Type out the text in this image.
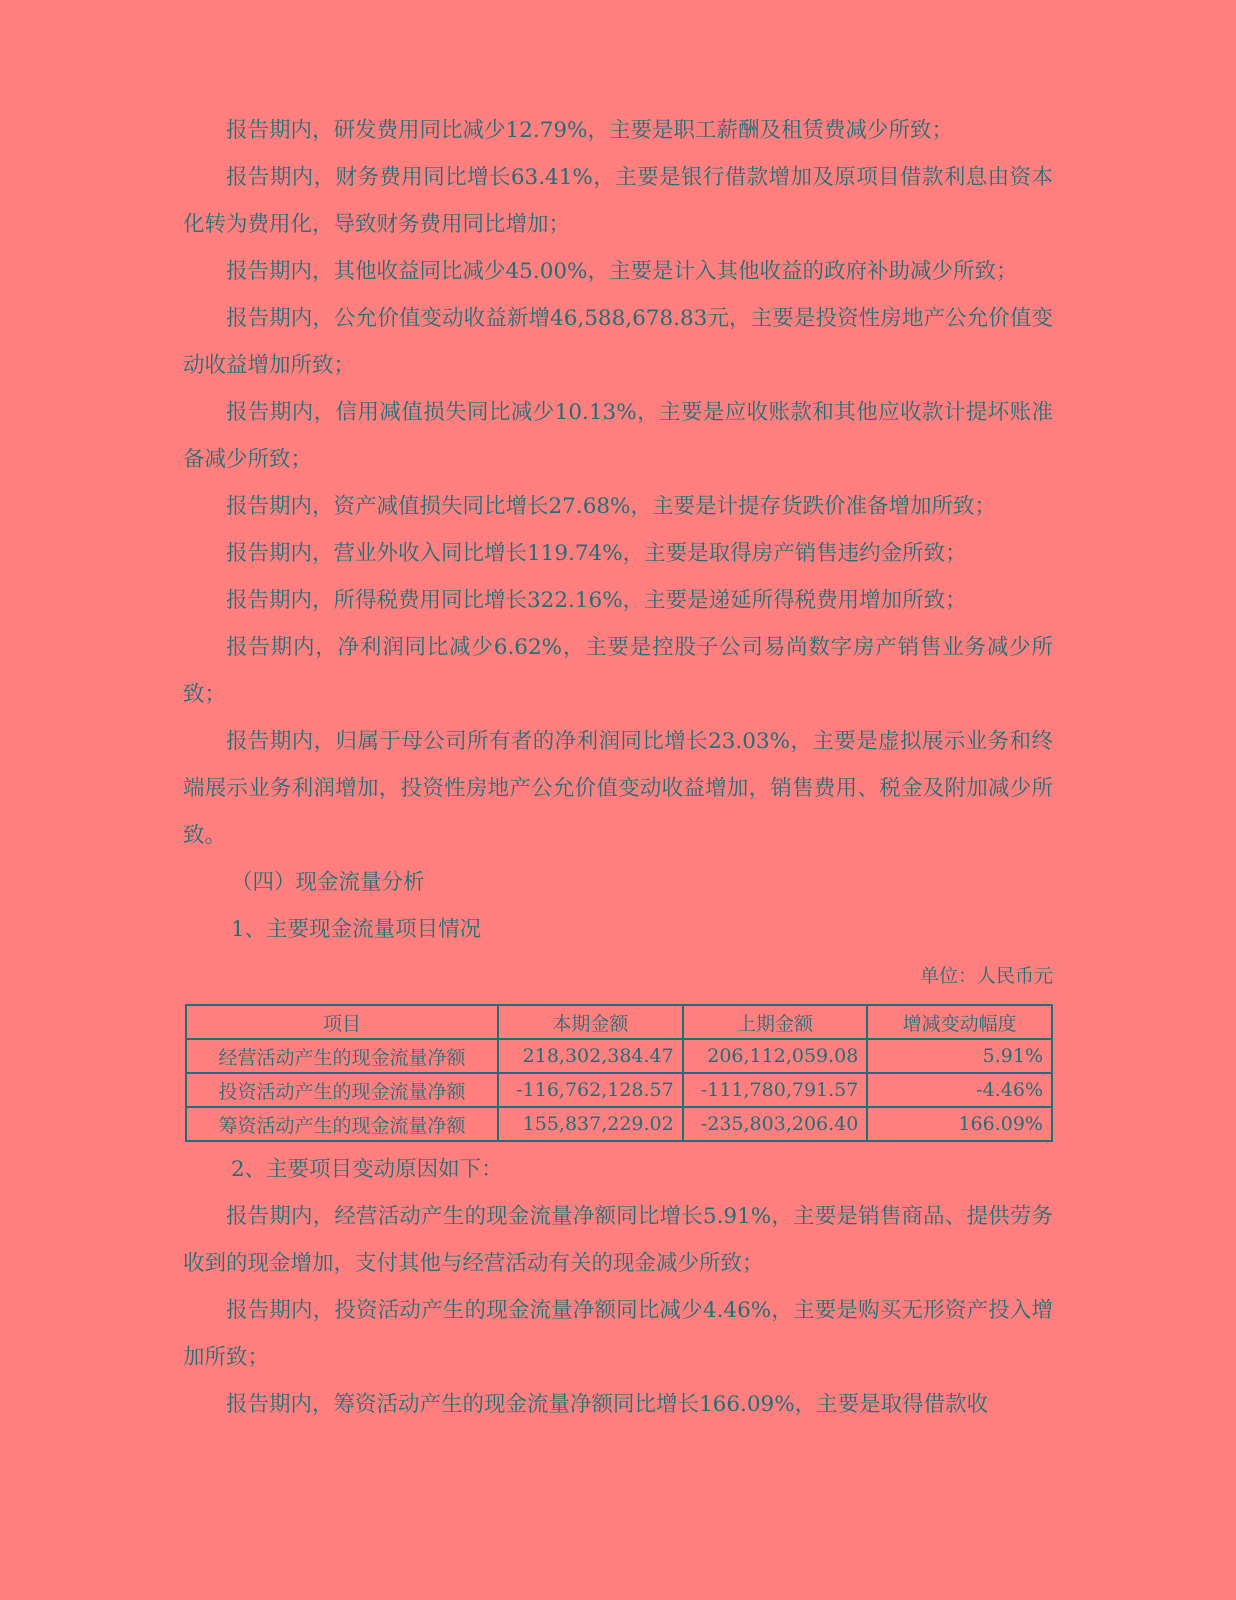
报告期内，研发费用同比减少12.79%，主要是职工薪酬及租赁费减少所致；

报告期内，财务费用同比增长63.41%，主要是银行借款增加及原项目借款利息由资本化转为费用化，导致财务费用同比增加；

报告期内，其他收益同比减少45.00%，主要是计入其他收益的政府补助减少所致；

报告期内，公允价值变动收益新增46,588,678.83元，主要是投资性房地产公允价值变动收益增加所致；

报告期内，信用减值损失同比减少10.13%，主要是应收账款和其他应收款计提坏账准备减少所致；

报告期内，资产减值损失同比增长27.68%，主要是计提存货跌价准备增加所致；

报告期内，营业外收入同比增长119.74%，主要是取得房产销售违约金所致；

报告期内，所得税费用同比增长322.16%，主要是递延所得税费用增加所致；

报告期内，净利润同比减少6.62%，主要是控股子公司易尚数字房产销售业务减少所致；

报告期内，归属于母公司所有者的净利润同比增长23.03%，主要是虚拟展示业务和终端展示业务利润增加，投资性房地产公允价值变动收益增加，销售费用、税金及附加减少所致。

（四）现金流量分析

1、主要现金流量项目情况

单位：人民币元

项目	本期金额	上期金额	增减变动幅度
经营活动产生的现金流量净额	218,302,384.47	206,112,059.08	5.91%
投资活动产生的现金流量净额	-116,762,128.57	-111,780,791.57	-4.46%
筹资活动产生的现金流量净额	155,837,229.02	-235,803,206.40	166.09%

2、主要项目变动原因如下：

报告期内，经营活动产生的现金流量净额同比增长5.91%，主要是销售商品、提供劳务收到的现金增加，支付其他与经营活动有关的现金减少所致；

报告期内，投资活动产生的现金流量净额同比减少4.46%，主要是购买无形资产投入增加所致；

报告期内，筹资活动产生的现金流量净额同比增长166.09%，主要是取得借款收
